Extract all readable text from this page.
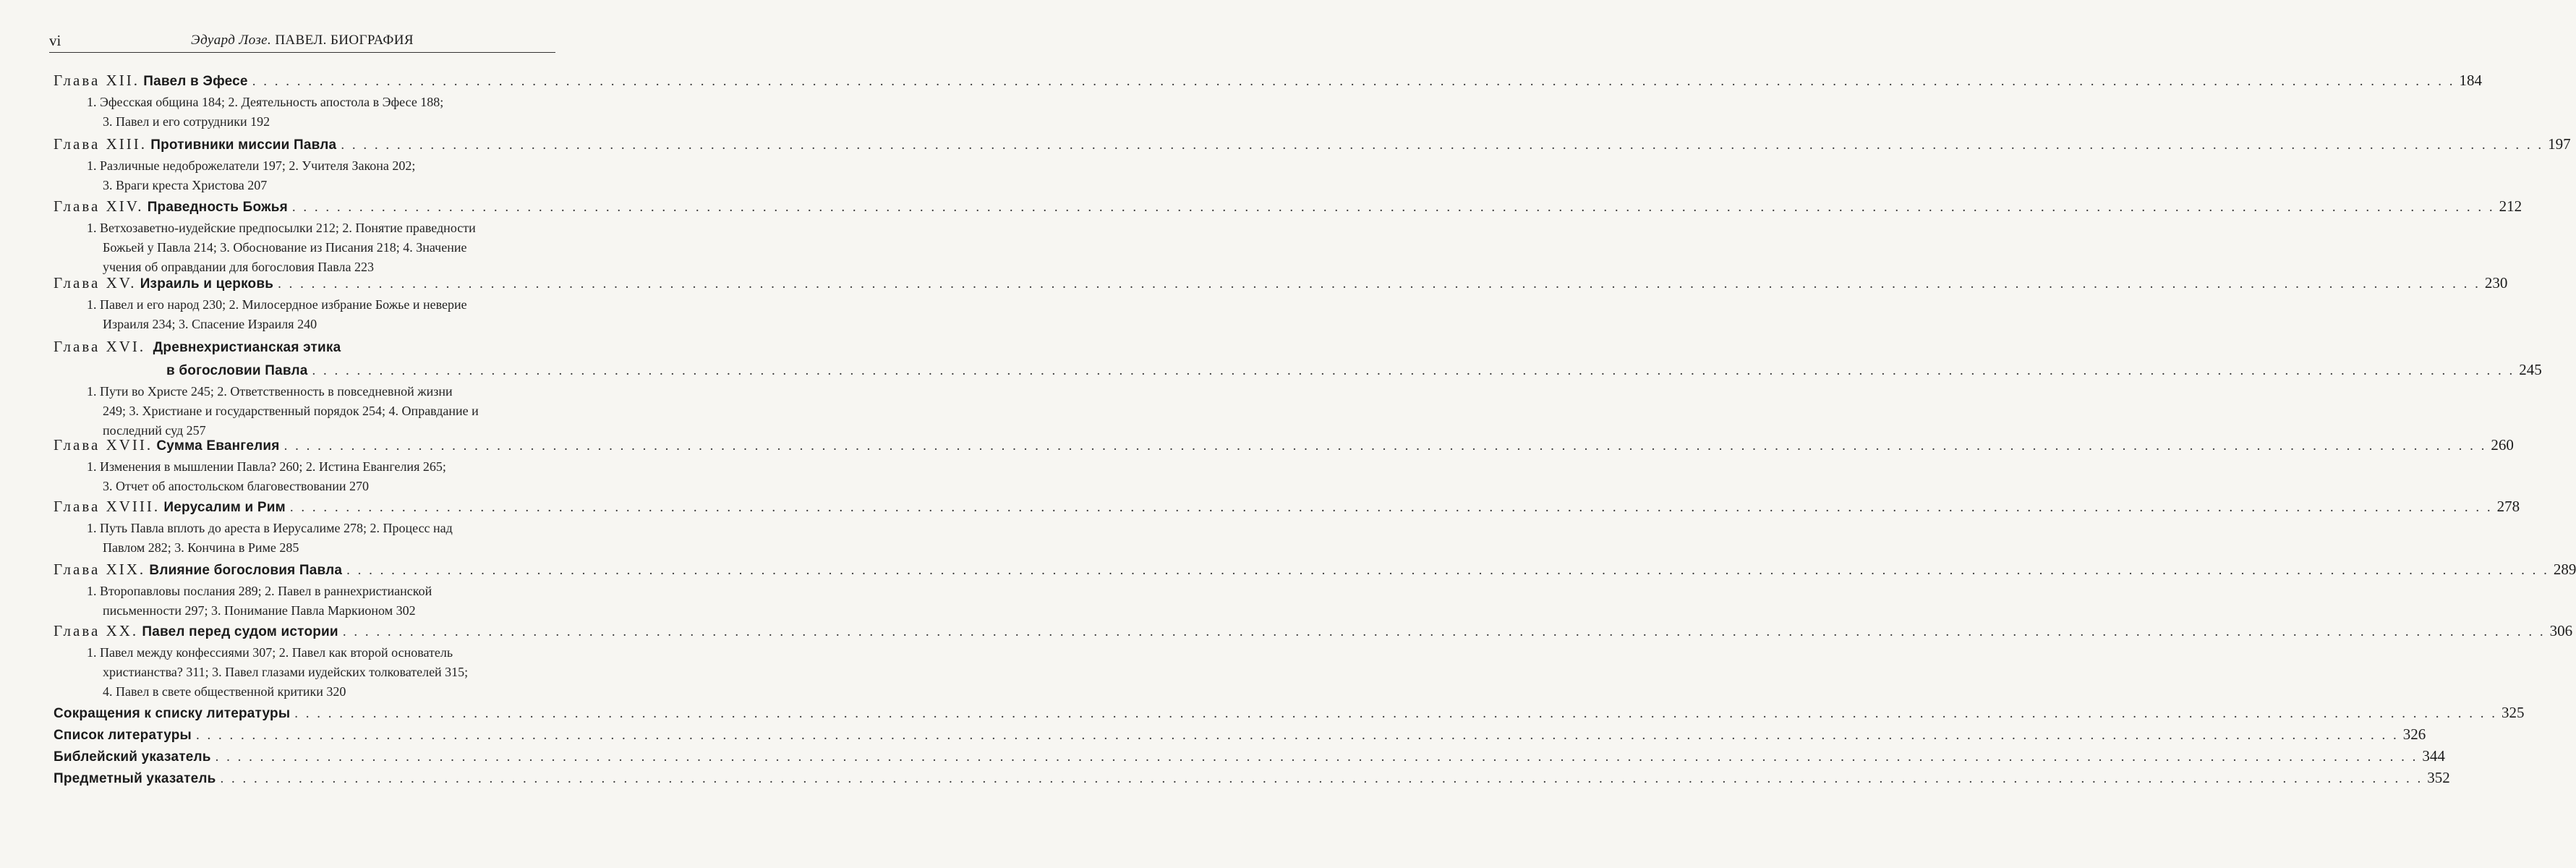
vi	Эдуард Лозе. ПАВЕЛ. БИОГРАФИЯ
Глава XII.
Павел в Эфесе . . .	184
1. Эфесская община 184; 2. Деятельность апостола в Эфесе 188;
3. Павел и его сотрудники 192
Глава XIII.
Противники миссии Павла . . .	197
1. Различные недоброжелатели 197; 2. Учителя Закона 202;
3. Враги креста Христова 207
Глава XIV.
Праведность Божья . . .	212
1. Ветхозаветно-иудейские предпосылки 212; 2. Понятие праведности
Божьей у Павла 214; 3. Обоснование из Писания 218; 4. Значение
учения об оправдании для богословия Павла 223
Глава XV.
Израиль и церковь . . .	230
1. Павел и его народ 230; 2. Милосердное избрание Божье и неверие
Израиля 234; 3. Спасение Израиля 240
Глава XVI. Древнехристианская этика
в богословии Павла . . .	245
1. Пути во Христе 245; 2. Ответственность в повседневной жизни
249; 3. Христиане и государственный порядок 254; 4. Оправдание и
последний суд 257
Глава XVII.
Сумма Евангелия . . .	260
1. Изменения в мышлении Павла? 260; 2. Истина Евангелия 265;
3. Отчет об апостольском благовествовании 270
Глава XVIII.
Иерусалим и Рим . . .	278
1. Путь Павла вплоть до ареста в Иерусалиме 278; 2. Процесс над
Павлом 282; 3. Кончина в Риме 285
Глава XIX.
Влияние богословия Павла . . .	289
1. Второпавловы послания 289; 2. Павел в раннехристианской
письменности 297; 3. Понимание Павла Маркионом 302
Глава XX.
Павел перед судом истории . . .	306
1. Павел между конфессиями 307; 2. Павел как второй основатель
христианства? 311; 3. Павел глазами иудейских толкователей 315;
4. Павел в свете общественной критики 320
Сокращения к списку литературы . . .	325
Список литературы . . .	326
Библейский указатель . . .	344
Предметный указатель . . .	352
